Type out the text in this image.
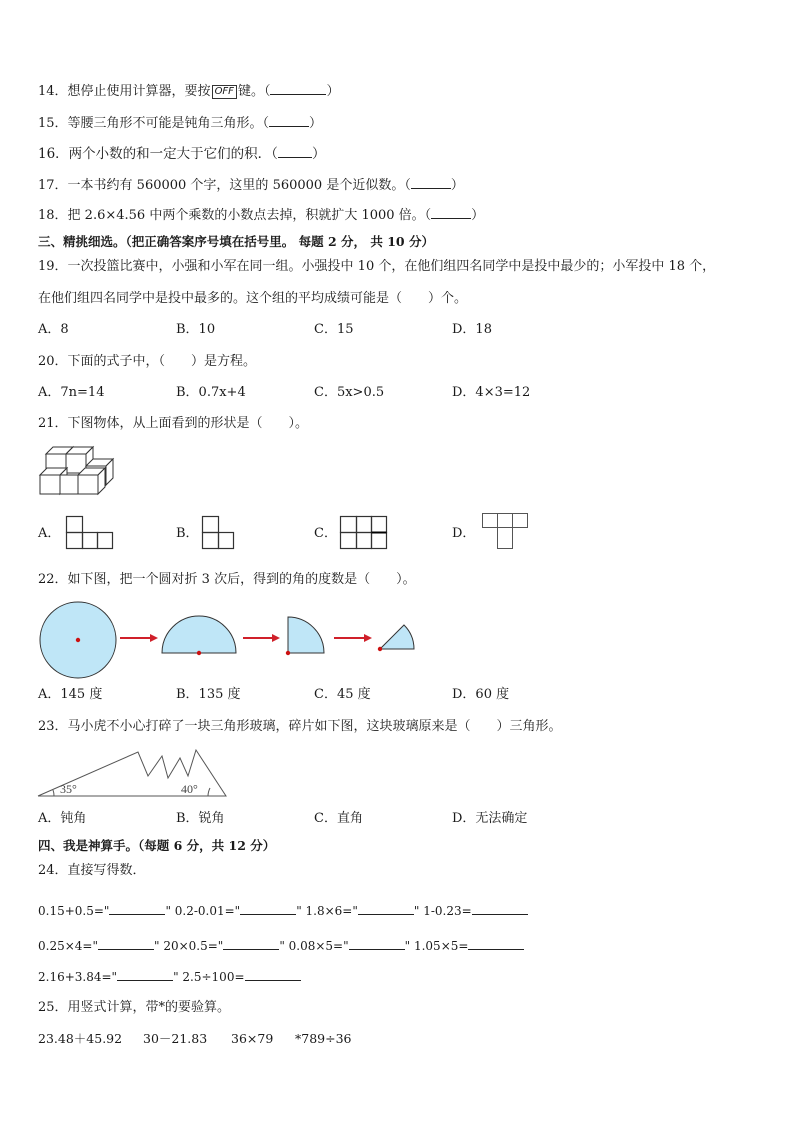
14．想停止使用计算器，要按 OFF 键。（	）
15．等腰三角形不可能是钝角三角形。（	）
16．两个小数的和一定大于它们的积．（	）
17．一本书约有 560000 个字，这里的 560000 是个近似数。（	）
18．把 2.6×4.56 中两个乘数的小数点去掉，积就扩大 1000 倍。（	）
三、精挑细选。（把正确答案序号填在括号里。 每题 2 分， 共 10 分）
19．一次投篮比赛中，小强和小军在同一组。小强投中 10 个，在他们组四名同学中是投中最少的；小军投中 18 个，
在他们组四名同学中是投中最多的。这个组的平均成绩可能是（　　）个。
A．8	B．10	C．15	D．18
20．下面的式子中，（　　）是方程。
A．7n=14	B．0.7x+4	C．5x>0.5	D．4×3=12
21．下图物体，从上面看到的形状是（　　）。
A．	B．	C．	D．
22．如下图，把一个圆对折 3 次后，得到的角的度数是（　　）。
A．145 度	B．135 度	C．45 度	D．60 度
23．马小虎不小心打碎了一块三角形玻璃，碎片如下图，这块玻璃原来是（　　）三角形。
35°	40°
A．钝角	B．锐角	C．直角	D．无法确定
四、我是神算手。（每题 6 分，共 12 分）
24．直接写得数．
0.15+0.5="	" 0.2-0.01="	" 1.8×6="	" 1-0.23=
0.25×4="	" 20×0.5="	" 0.08×5="	" 1.05×5=
2.16+3.84="	" 2.5÷100=
25．用竖式计算，带*的要验算。
23.48＋45.92 30－21.83 36×79 *789÷36
